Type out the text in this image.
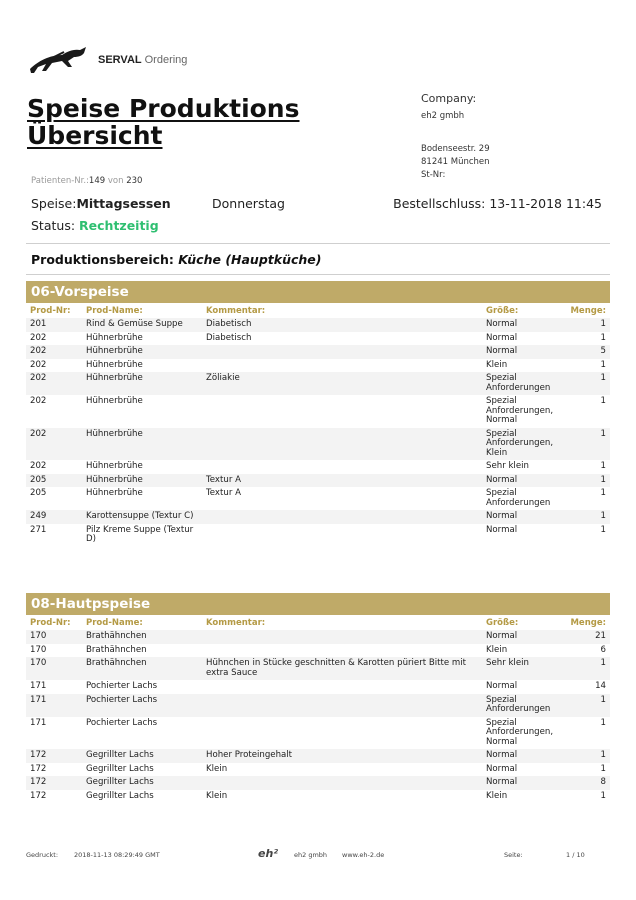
SERVAL Ordering
Speise Produktions Übersicht
Company:
eh2 gmbh
Bodenseestr. 29
81241 München
St-Nr:
Patienten-Nr.:149 von 230
Speise:Mittagsessen	Donnerstag	Bestellschluss: 13-11-2018 11:45
Status: Rechtzeitig
Produktionsbereich: Küche (Hauptküche)
06-Vorspeise
Prod-Nr:	Prod-Name:	Kommentar:	Größe:	Menge:
201	Rind & Gemüse Suppe	Diabetisch	Normal	1
202	Hühnerbrühe	Diabetisch	Normal	1
202	Hühnerbrühe		Normal	5
202	Hühnerbrühe		Klein	1
202	Hühnerbrühe	Zöliakie	Spezial Anforderungen	1
202	Hühnerbrühe		Spezial Anforderungen, Normal	1
202	Hühnerbrühe		Spezial Anforderungen, Klein	1
202	Hühnerbrühe		Sehr klein	1
205	Hühnerbrühe	Textur A	Normal	1
205	Hühnerbrühe	Textur A	Spezial Anforderungen	1
249	Karottensuppe (Textur C)		Normal	1
271	Pilz Kreme Suppe (Textur D)		Normal	1
08-Hautpspeise
Prod-Nr:	Prod-Name:	Kommentar:	Größe:	Menge:
170	Brathähnchen		Normal	21
170	Brathähnchen		Klein	6
170	Brathähnchen	Hühnchen in Stücke geschnitten & Karotten püriert Bitte mit extra Sauce	Sehr klein	1
171	Pochierter Lachs		Normal	14
171	Pochierter Lachs		Spezial Anforderungen	1
171	Pochierter Lachs		Spezial Anforderungen, Normal	1
172	Gegrillter Lachs	Hoher Proteingehalt	Normal	1
172	Gegrillter Lachs	Klein	Normal	1
172	Gegrillter Lachs		Normal	8
172	Gegrillter Lachs	Klein	Klein	1
Gedruckt: 2018-11-13 08:29:49 GMT	eh² eh2 gmbh www.eh-2.de	Seite:	1 / 10
